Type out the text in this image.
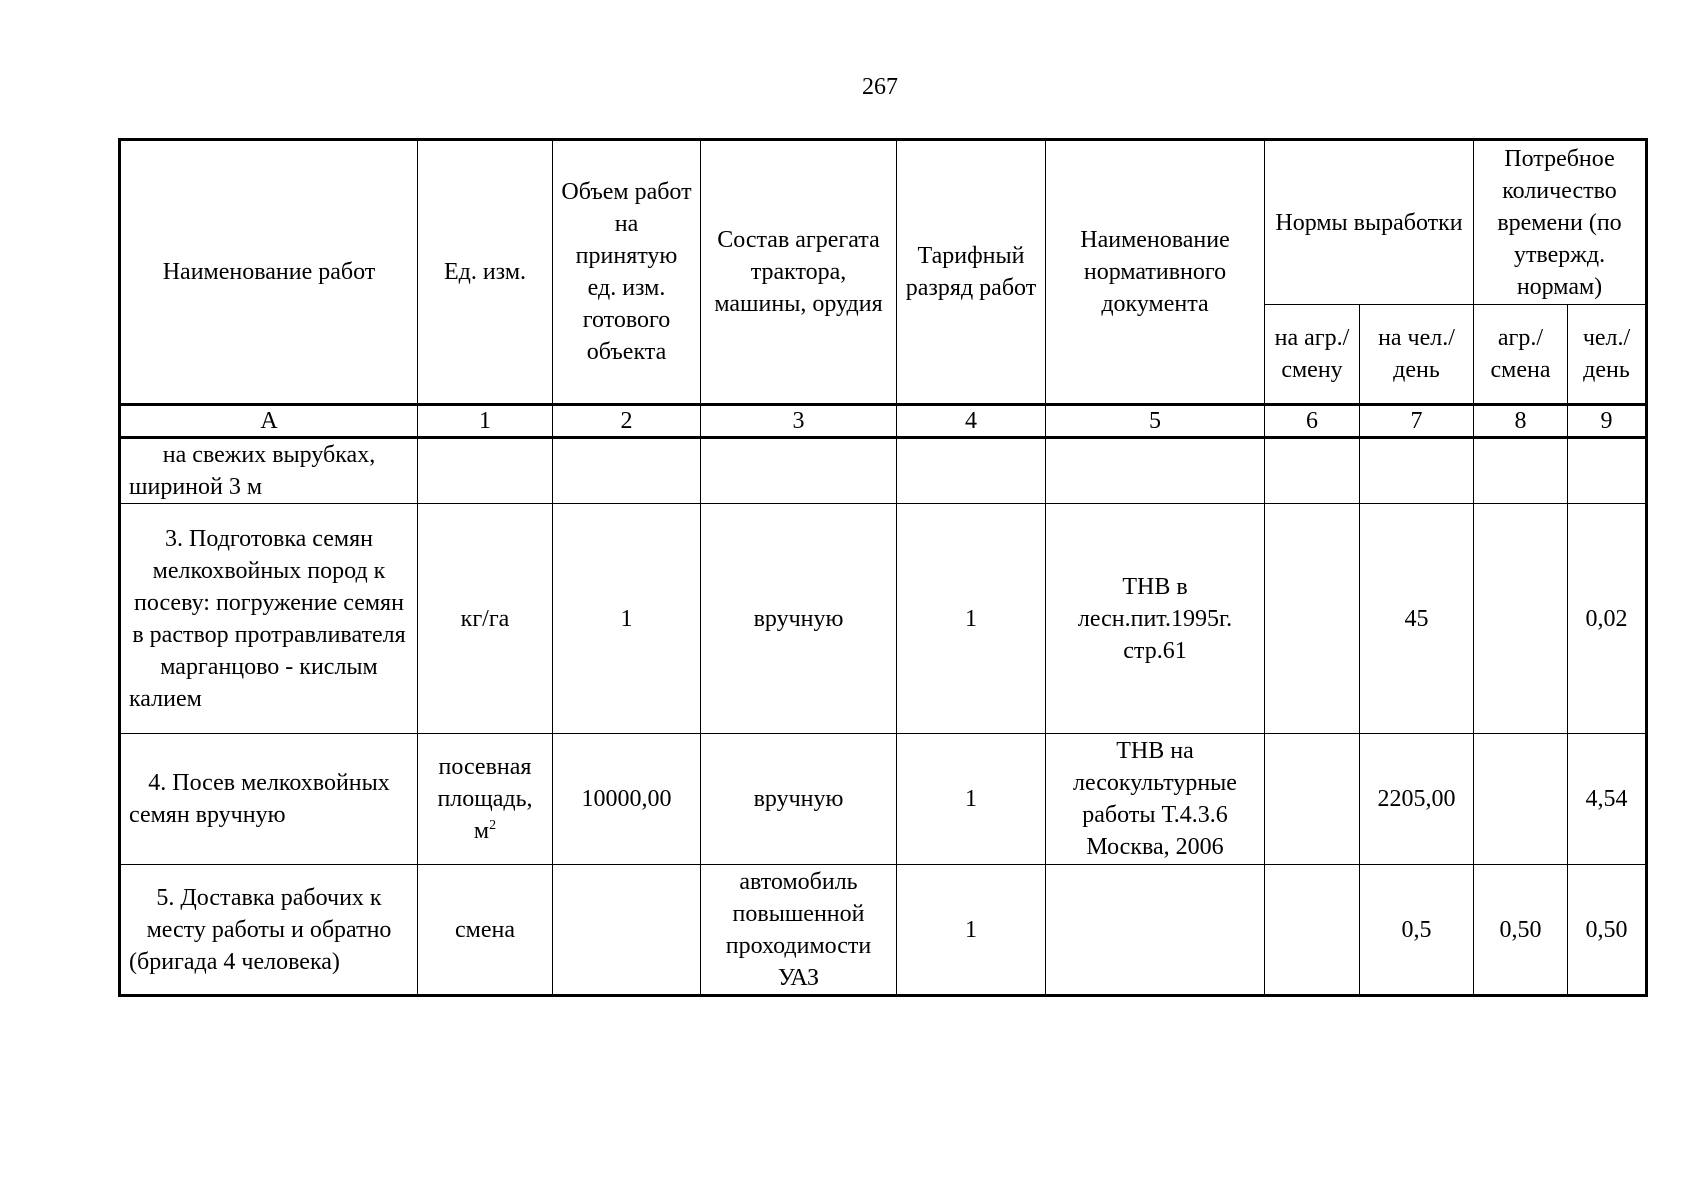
267
Наименование работ	Ед. изм.	Объем работ на принятую ед. изм. готового объекта	Состав агрегата трактора, машины, орудия	Тарифный разряд работ	Наименование нормативного документа	Нормы выработки		Потребное количество времени (по утвержд. нормам)	
						на агр./ смену	на чел./ день	агр./ смена	чел./ день
А	1	2	3	4	5	6	7	8	9
на свежих вырубках, шириной 3 м									
3. Подготовка семян мелкохвойных пород к посеву: погружение семян в раствор протравливателя марганцово - кислым калием	кг/га	1	вручную	1	ТНВ в лесн.пит.1995г. стр.61		45		0,02
4. Посев мелкохвойных семян вручную	посевная площадь, $м^2$	10000,00	вручную	1	ТНВ на лесокультурные работы Т.4.3.6 Москва, 2006		2205,00		4,54
5. Доставка рабочих к месту работы и обратно (бригада 4 человека)	смена		автомобиль повышенной проходимости УАЗ	1			0,5	0,50	0,50
